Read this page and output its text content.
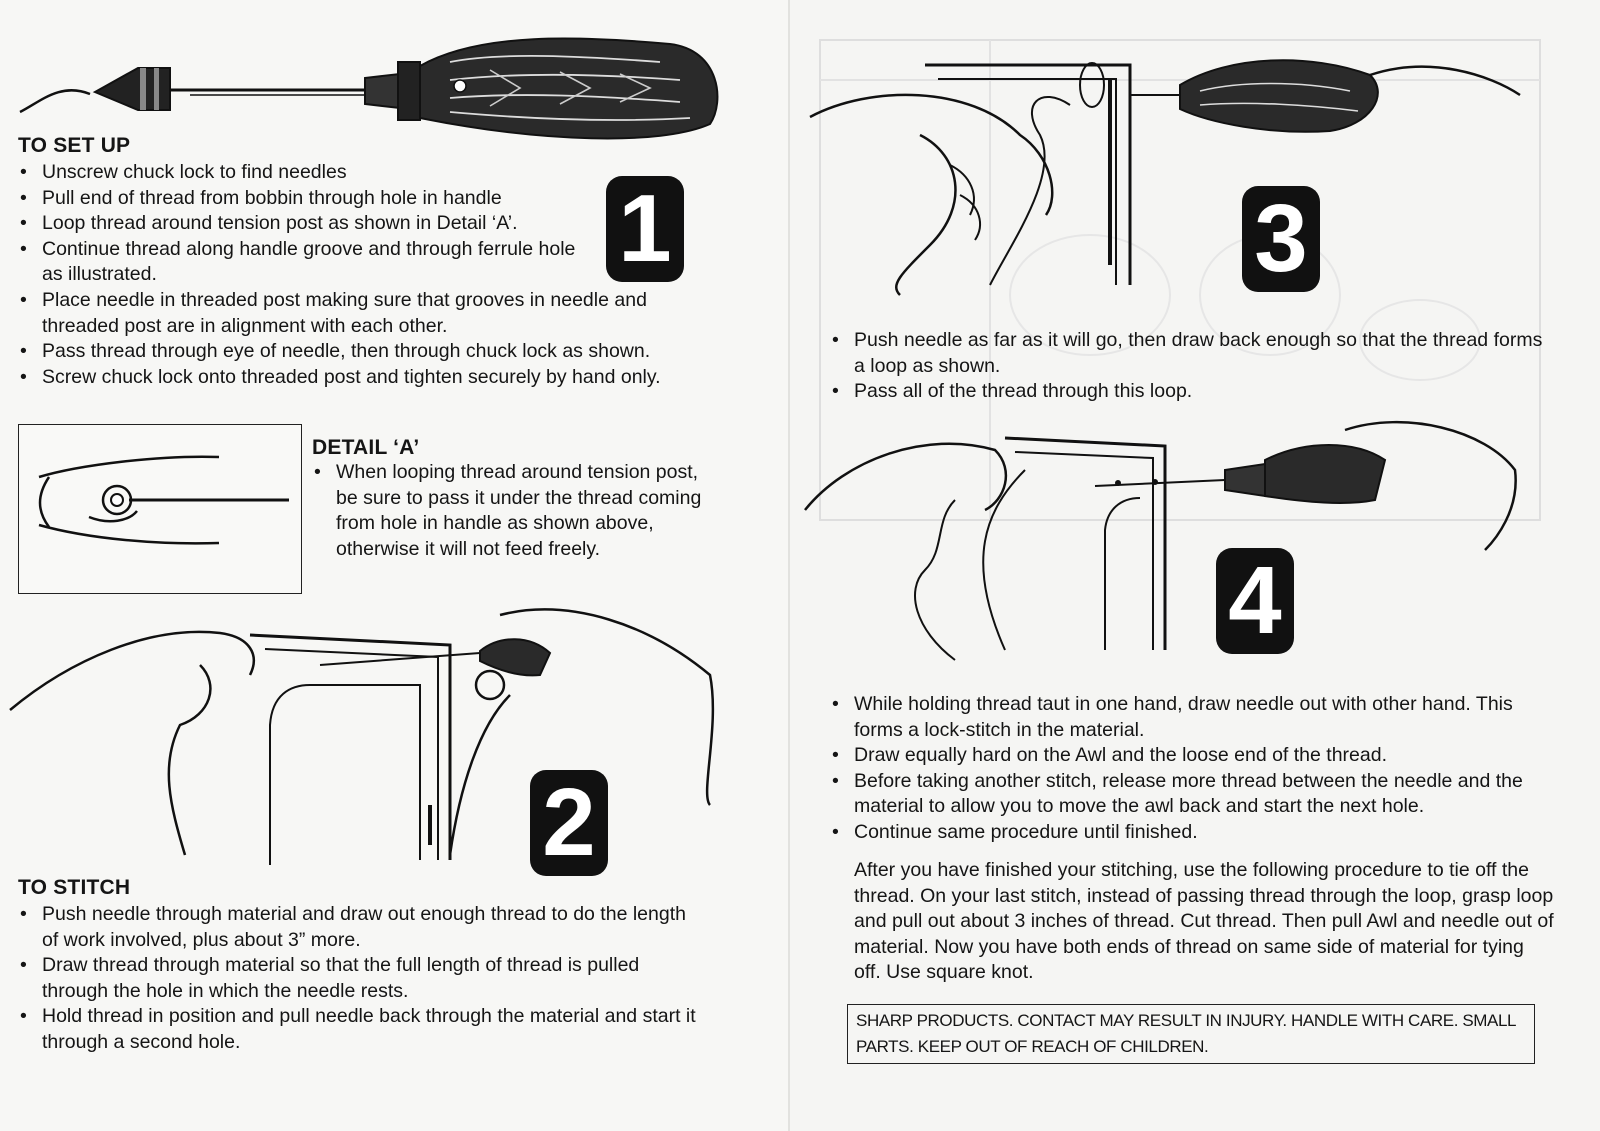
TO SET UP
• Unscrew chuck lock to find needles
• Pull end of thread from bobbin through hole in handle
• Loop thread around tension post as shown in Detail ‘A’.
• Continue thread along handle groove and through ferrule hole as illustrated.
• Place needle in threaded post making sure that grooves in needle and threaded post are in alignment with each other.
• Pass thread through eye of needle, then through chuck lock as shown.
• Screw chuck lock onto threaded post and tighten securely by hand only.
1
DETAIL ‘A’
• When looping thread around tension post, be sure to pass it under the thread coming from hole in handle as shown above, otherwise it will not feed freely.
2
TO STITCH
• Push needle through material and draw out enough thread to do the length of work involved, plus about 3” more.
• Draw thread through material so that the full length of thread is pulled through the hole in which the needle rests.
• Hold thread in position and pull needle back through the material and start it through a second hole.
3
• Push needle as far as it will go, then draw back enough so that the thread forms a loop as shown.
• Pass all of the thread through this loop.
4
• While holding thread taut in one hand, draw needle out with other hand. This forms a lock-stitch in the material.
• Draw equally hard on the Awl and the loose end of the thread.
• Before taking another stitch, release more thread between the needle and the material to allow you to move the awl back and start the next hole.
• Continue same procedure until finished.
After you have finished your stitching, use the following procedure to tie off the thread. On your last stitch, instead of passing thread through the loop, grasp loop and pull out about 3 inches of thread. Cut thread. Then pull Awl and needle out of material. Now you have both ends of thread on same side of material for tying off. Use square knot.
SHARP PRODUCTS. CONTACT MAY RESULT IN INJURY. HANDLE WITH CARE. SMALL PARTS. KEEP OUT OF REACH OF CHILDREN.
